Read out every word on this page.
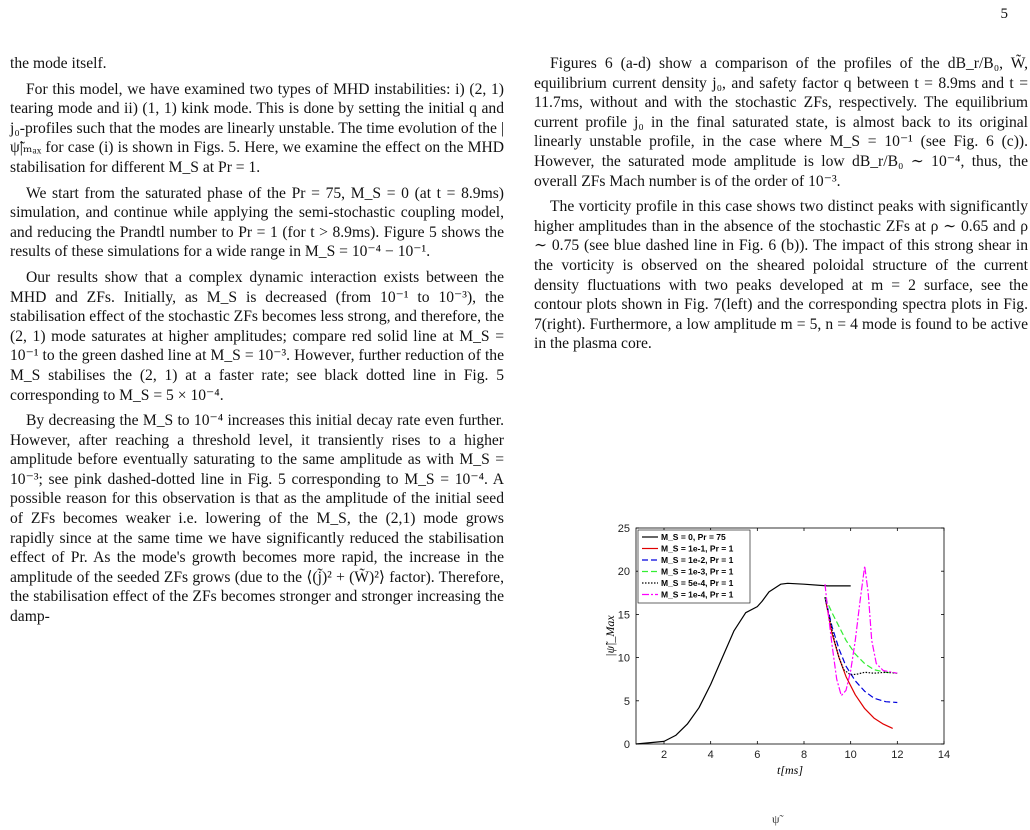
5

the mode itself.

For this model, we have examined two types of MHD instabilities: i) (2, 1) tearing mode and ii) (1, 1) kink mode. This is done by setting the initial q and j₀-profiles such that the modes are linearly unstable. The time evolution of the |ψ̃|ₘₐₓ for case (i) is shown in Figs. 5. Here, we examine the effect on the MHD stabilisation for different M_S at Pr = 1.

We start from the saturated phase of the Pr = 75, M_S = 0 (at t = 8.9ms) simulation, and continue while applying the semi-stochastic coupling model, and reducing the Prandtl number to Pr = 1 (for t > 8.9ms). Figure 5 shows the results of these simulations for a wide range in M_S = 10⁻⁴ − 10⁻¹.

Our results show that a complex dynamic interaction exists between the MHD and ZFs. Initially, as M_S is decreased (from 10⁻¹ to 10⁻³), the stabilisation effect of the stochastic ZFs becomes less strong, and therefore, the (2, 1) mode saturates at higher amplitudes; compare red solid line at M_S = 10⁻¹ to the green dashed line at M_S = 10⁻³. However, further reduction of the M_S stabilises the (2, 1) at a faster rate; see black dotted line in Fig. 5 corresponding to M_S = 5 × 10⁻⁴.

By decreasing the M_S to 10⁻⁴ increases this initial decay rate even further. However, after reaching a threshold level, it transiently rises to a higher amplitude before eventually saturating to the same amplitude as with M_S = 10⁻³; see pink dashed-dotted line in Fig. 5 corresponding to M_S = 10⁻⁴. A possible reason for this observation is that as the amplitude of the initial seed of ZFs becomes weaker i.e. lowering of the M_S, the (2,1) mode grows rapidly since at the same time we have significantly reduced the stabilisation effect of Pr. As the mode's growth becomes more rapid, the increase in the amplitude of the seeded ZFs grows (due to the ⟨(j̃)² + (W̃)²⟩ factor). Therefore, the stabilisation effect of the ZFs becomes stronger and stronger increasing the damp-

Figures 6 (a-d) show a comparison of the profiles of the dB_r/B₀, W̃, equilibrium current density j₀, and safety factor q between t = 8.9ms and t = 11.7ms, without and with the stochastic ZFs, respectively. The equilibrium current profile j₀ in the final saturated state, is almost back to its original linearly unstable profile, in the case where M_S = 10⁻¹ (see Fig. 6 (c)). However, the saturated mode amplitude is low dB_r/B₀ ∼ 10⁻⁴, thus, the overall ZFs Mach number is of the order of 10⁻³.

The vorticity profile in this case shows two distinct peaks with significantly higher amplitudes than in the absence of the stochastic ZFs at ρ ∼ 0.65 and ρ ∼ 0.75 (see blue dashed line in Fig. 6 (b)). The impact of this strong shear in the vorticity is observed on the sheared poloidal structure of the current density fluctuations with two peaks developed at m = 2 surface, see the contour plots shown in Fig. 7(left) and the corresponding spectra plots in Fig. 7(right). Furthermore, a low amplitude m = 5, n = 4 mode is found to be active in the plasma core.

2	4	6	8	10	12	14
0
5
10
15
20
25
t[ms]
|ψ̃|_Max
M_S = 0, Pr = 75
M_S = 1e-1, Pr = 1
M_S = 1e-2, Pr = 1
M_S = 1e-3, Pr = 1
M_S = 5e-4, Pr = 1
M_S = 1e-4, Pr = 1
ψ̃
